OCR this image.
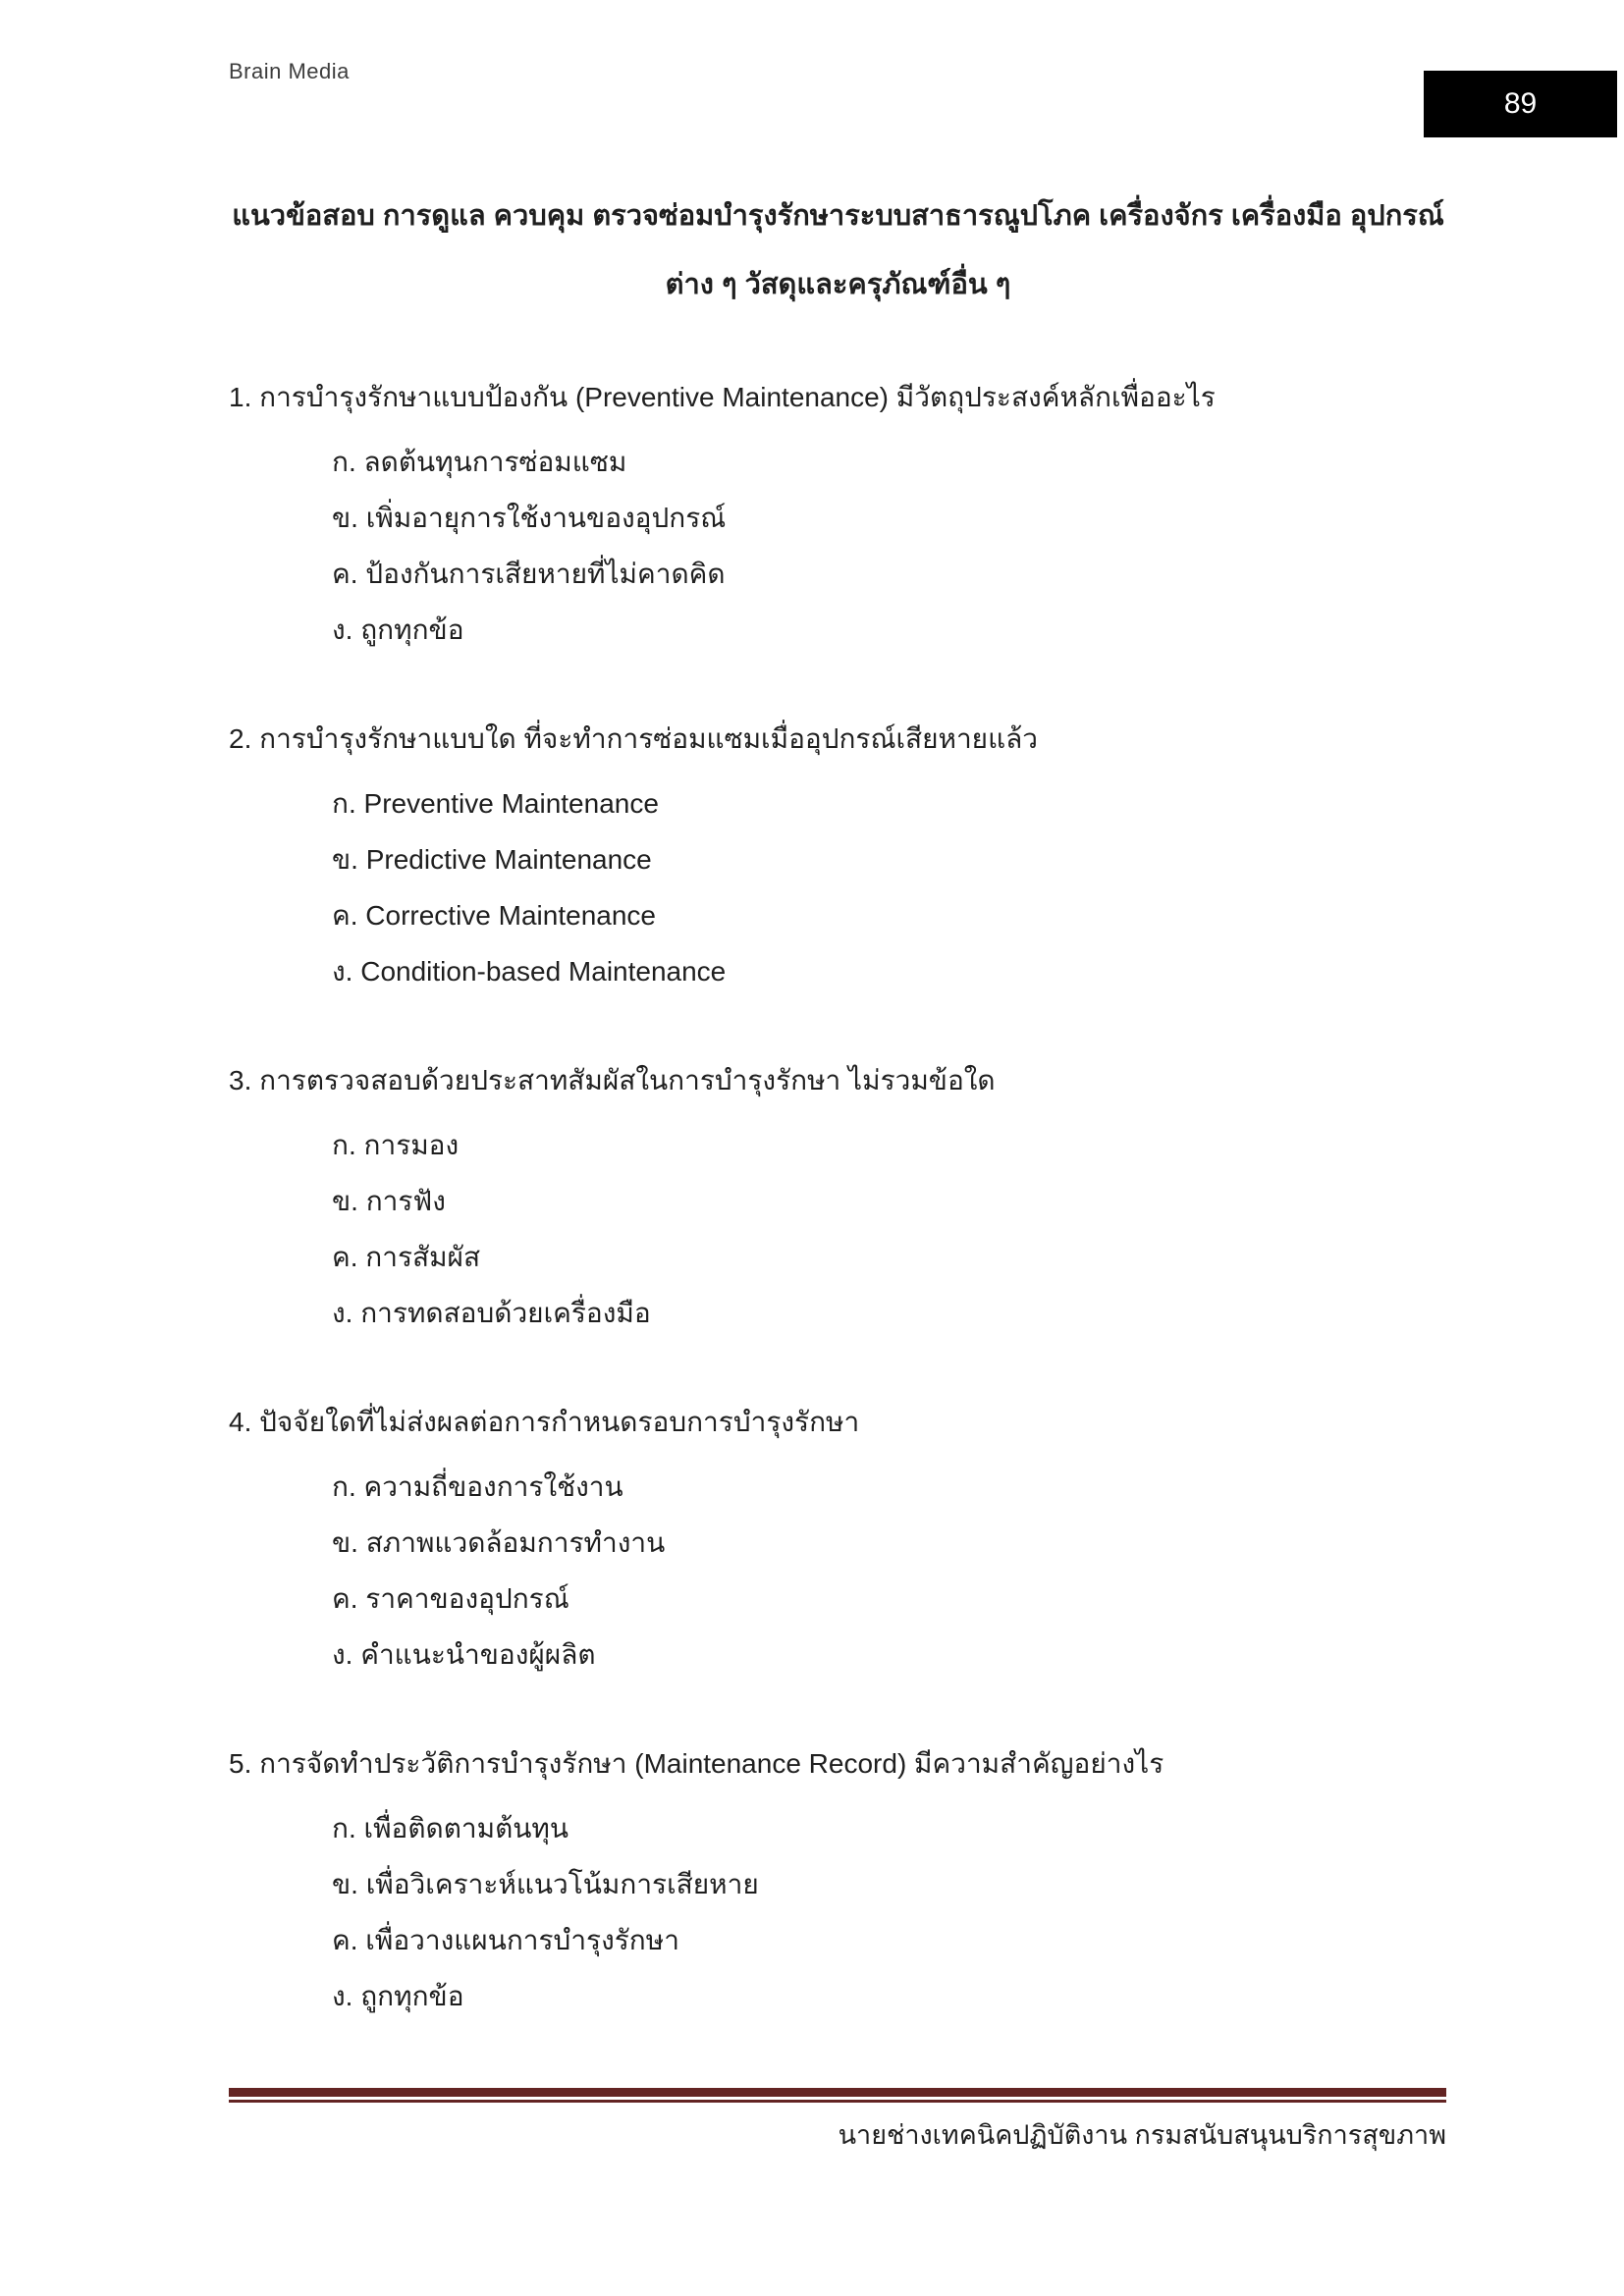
Brain Media
89
แนวข้อสอบ การดูแล ควบคุม ตรวจซ่อมบำรุงรักษาระบบสาธารณูปโภค เครื่องจักร เครื่องมือ อุปกรณ์
ต่าง ๆ วัสดุและครุภัณฑ์อื่น ๆ
1. การบำรุงรักษาแบบป้องกัน (Preventive Maintenance) มีวัตถุประสงค์หลักเพื่ออะไร
ก. ลดต้นทุนการซ่อมแซม
ข. เพิ่มอายุการใช้งานของอุปกรณ์
ค. ป้องกันการเสียหายที่ไม่คาดคิด
ง. ถูกทุกข้อ
2. การบำรุงรักษาแบบใด ที่จะทำการซ่อมแซมเมื่ออุปกรณ์เสียหายแล้ว
ก. Preventive Maintenance
ข. Predictive Maintenance
ค. Corrective Maintenance
ง. Condition-based Maintenance
3. การตรวจสอบด้วยประสาทสัมผัสในการบำรุงรักษา ไม่รวมข้อใด
ก. การมอง
ข. การฟัง
ค. การสัมผัส
ง. การทดสอบด้วยเครื่องมือ
4. ปัจจัยใดที่ไม่ส่งผลต่อการกำหนดรอบการบำรุงรักษา
ก. ความถี่ของการใช้งาน
ข. สภาพแวดล้อมการทำงาน
ค. ราคาของอุปกรณ์
ง. คำแนะนำของผู้ผลิต
5. การจัดทำประวัติการบำรุงรักษา (Maintenance Record) มีความสำคัญอย่างไร
ก. เพื่อติดตามต้นทุน
ข. เพื่อวิเคราะห์แนวโน้มการเสียหาย
ค. เพื่อวางแผนการบำรุงรักษา
ง. ถูกทุกข้อ
นายช่างเทคนิคปฏิบัติงาน กรมสนับสนุนบริการสุขภาพ
